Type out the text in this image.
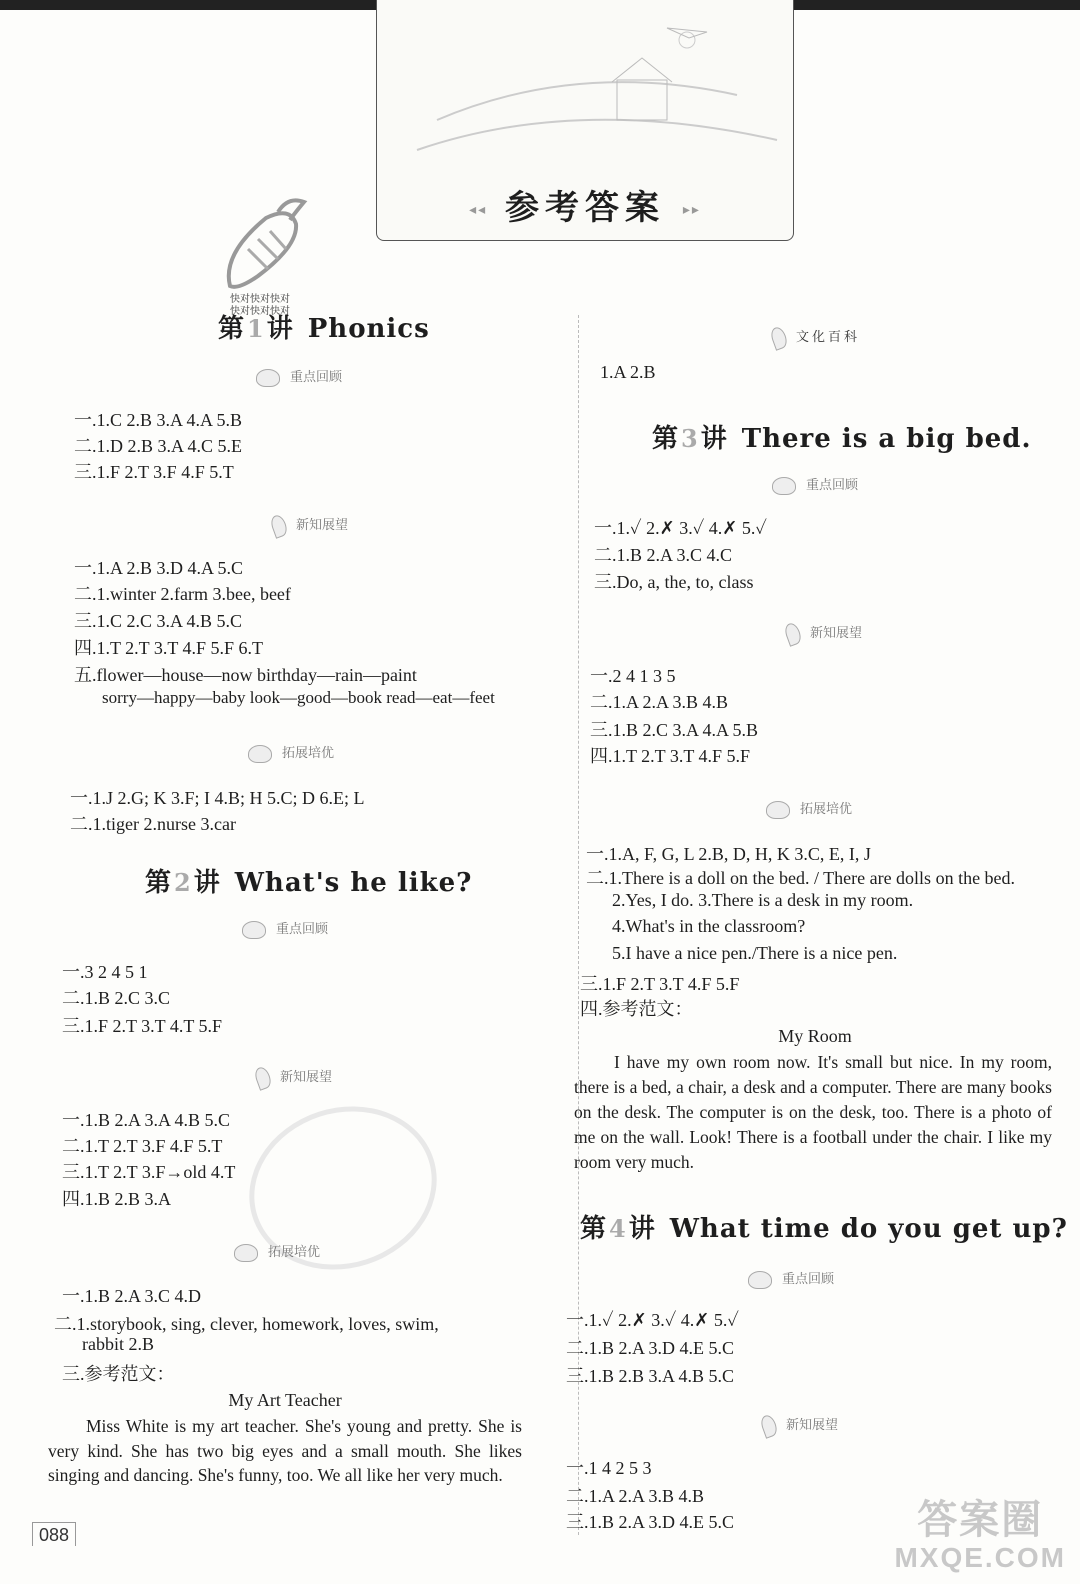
◂◂ 参考答案 ▸▸
快对快对快对
快对快对快对
第1讲 Phonics
重点回顾
一.1.C 2.B 3.A 4.A 5.B
二.1.D 2.B 3.A 4.C 5.E
三.1.F 2.T 3.F 4.F 5.T
新知展望
一.1.A 2.B 3.D 4.A 5.C
二.1.winter 2.farm 3.bee, beef
三.1.C 2.C 3.A 4.B 5.C
四.1.T 2.T 3.T 4.F 5.F 6.T
五.flower—house—now birthday—rain—paint
sorry—happy—baby look—good—book read—eat—feet
拓展培优
一.1.J 2.G; K 3.F; I 4.B; H 5.C; D 6.E; L
二.1.tiger 2.nurse 3.car
第2讲 What's he like?
重点回顾
一.3 2 4 5 1
二.1.B 2.C 3.C
三.1.F 2.T 3.T 4.T 5.F
新知展望
一.1.B 2.A 3.A 4.B 5.C
二.1.T 2.T 3.F 4.F 5.T
三.1.T 2.T 3.F→old 4.T
四.1.B 2.B 3.A
拓展培优
一.1.B 2.A 3.C 4.D
二.1.storybook, sing, clever, homework, loves, swim,
rabbit 2.B
三.参考范文：
My Art Teacher
Miss White is my art teacher. She's young and pretty. She is very kind. She has two big eyes and a small mouth. She likes singing and dancing. She's funny, too. We all like her very much.
088
文化百科
1.A 2.B
第3讲 There is a big bed.
重点回顾
一.1.✓ 2.✗ 3.✓ 4.✗ 5.✓
二.1.B 2.A 3.C 4.C
三.Do, a, the, to, class
新知展望
一.2 4 1 3 5
二.1.A 2.A 3.B 4.B
三.1.B 2.C 3.A 4.A 5.B
四.1.T 2.T 3.T 4.F 5.F
拓展培优
一.1.A, F, G, L 2.B, D, H, K 3.C, E, I, J
二.1.There is a doll on the bed. / There are dolls on the bed.
2.Yes, I do. 3.There is a desk in my room.
4.What's in the classroom?
5.I have a nice pen./There is a nice pen.
三.1.F 2.T 3.T 4.F 5.F
四.参考范文：
My Room
I have my own room now. It's small but nice. In my room, there is a bed, a chair, a desk and a computer. There are many books on the desk. The computer is on the desk, too. There is a photo of me on the wall. Look! There is a football under the chair. I like my room very much.
第4讲 What time do you get up?
重点回顾
一.1.✓ 2.✗ 3.✓ 4.✗ 5.✓
二.1.B 2.A 3.D 4.E 5.C
三.1.B 2.B 3.A 4.B 5.C
新知展望
一.1 4 2 5 3
二.1.A 2.A 3.B 4.B
三.1.B 2.A 3.D 4.E 5.C	答案圈
MXQE.COM
